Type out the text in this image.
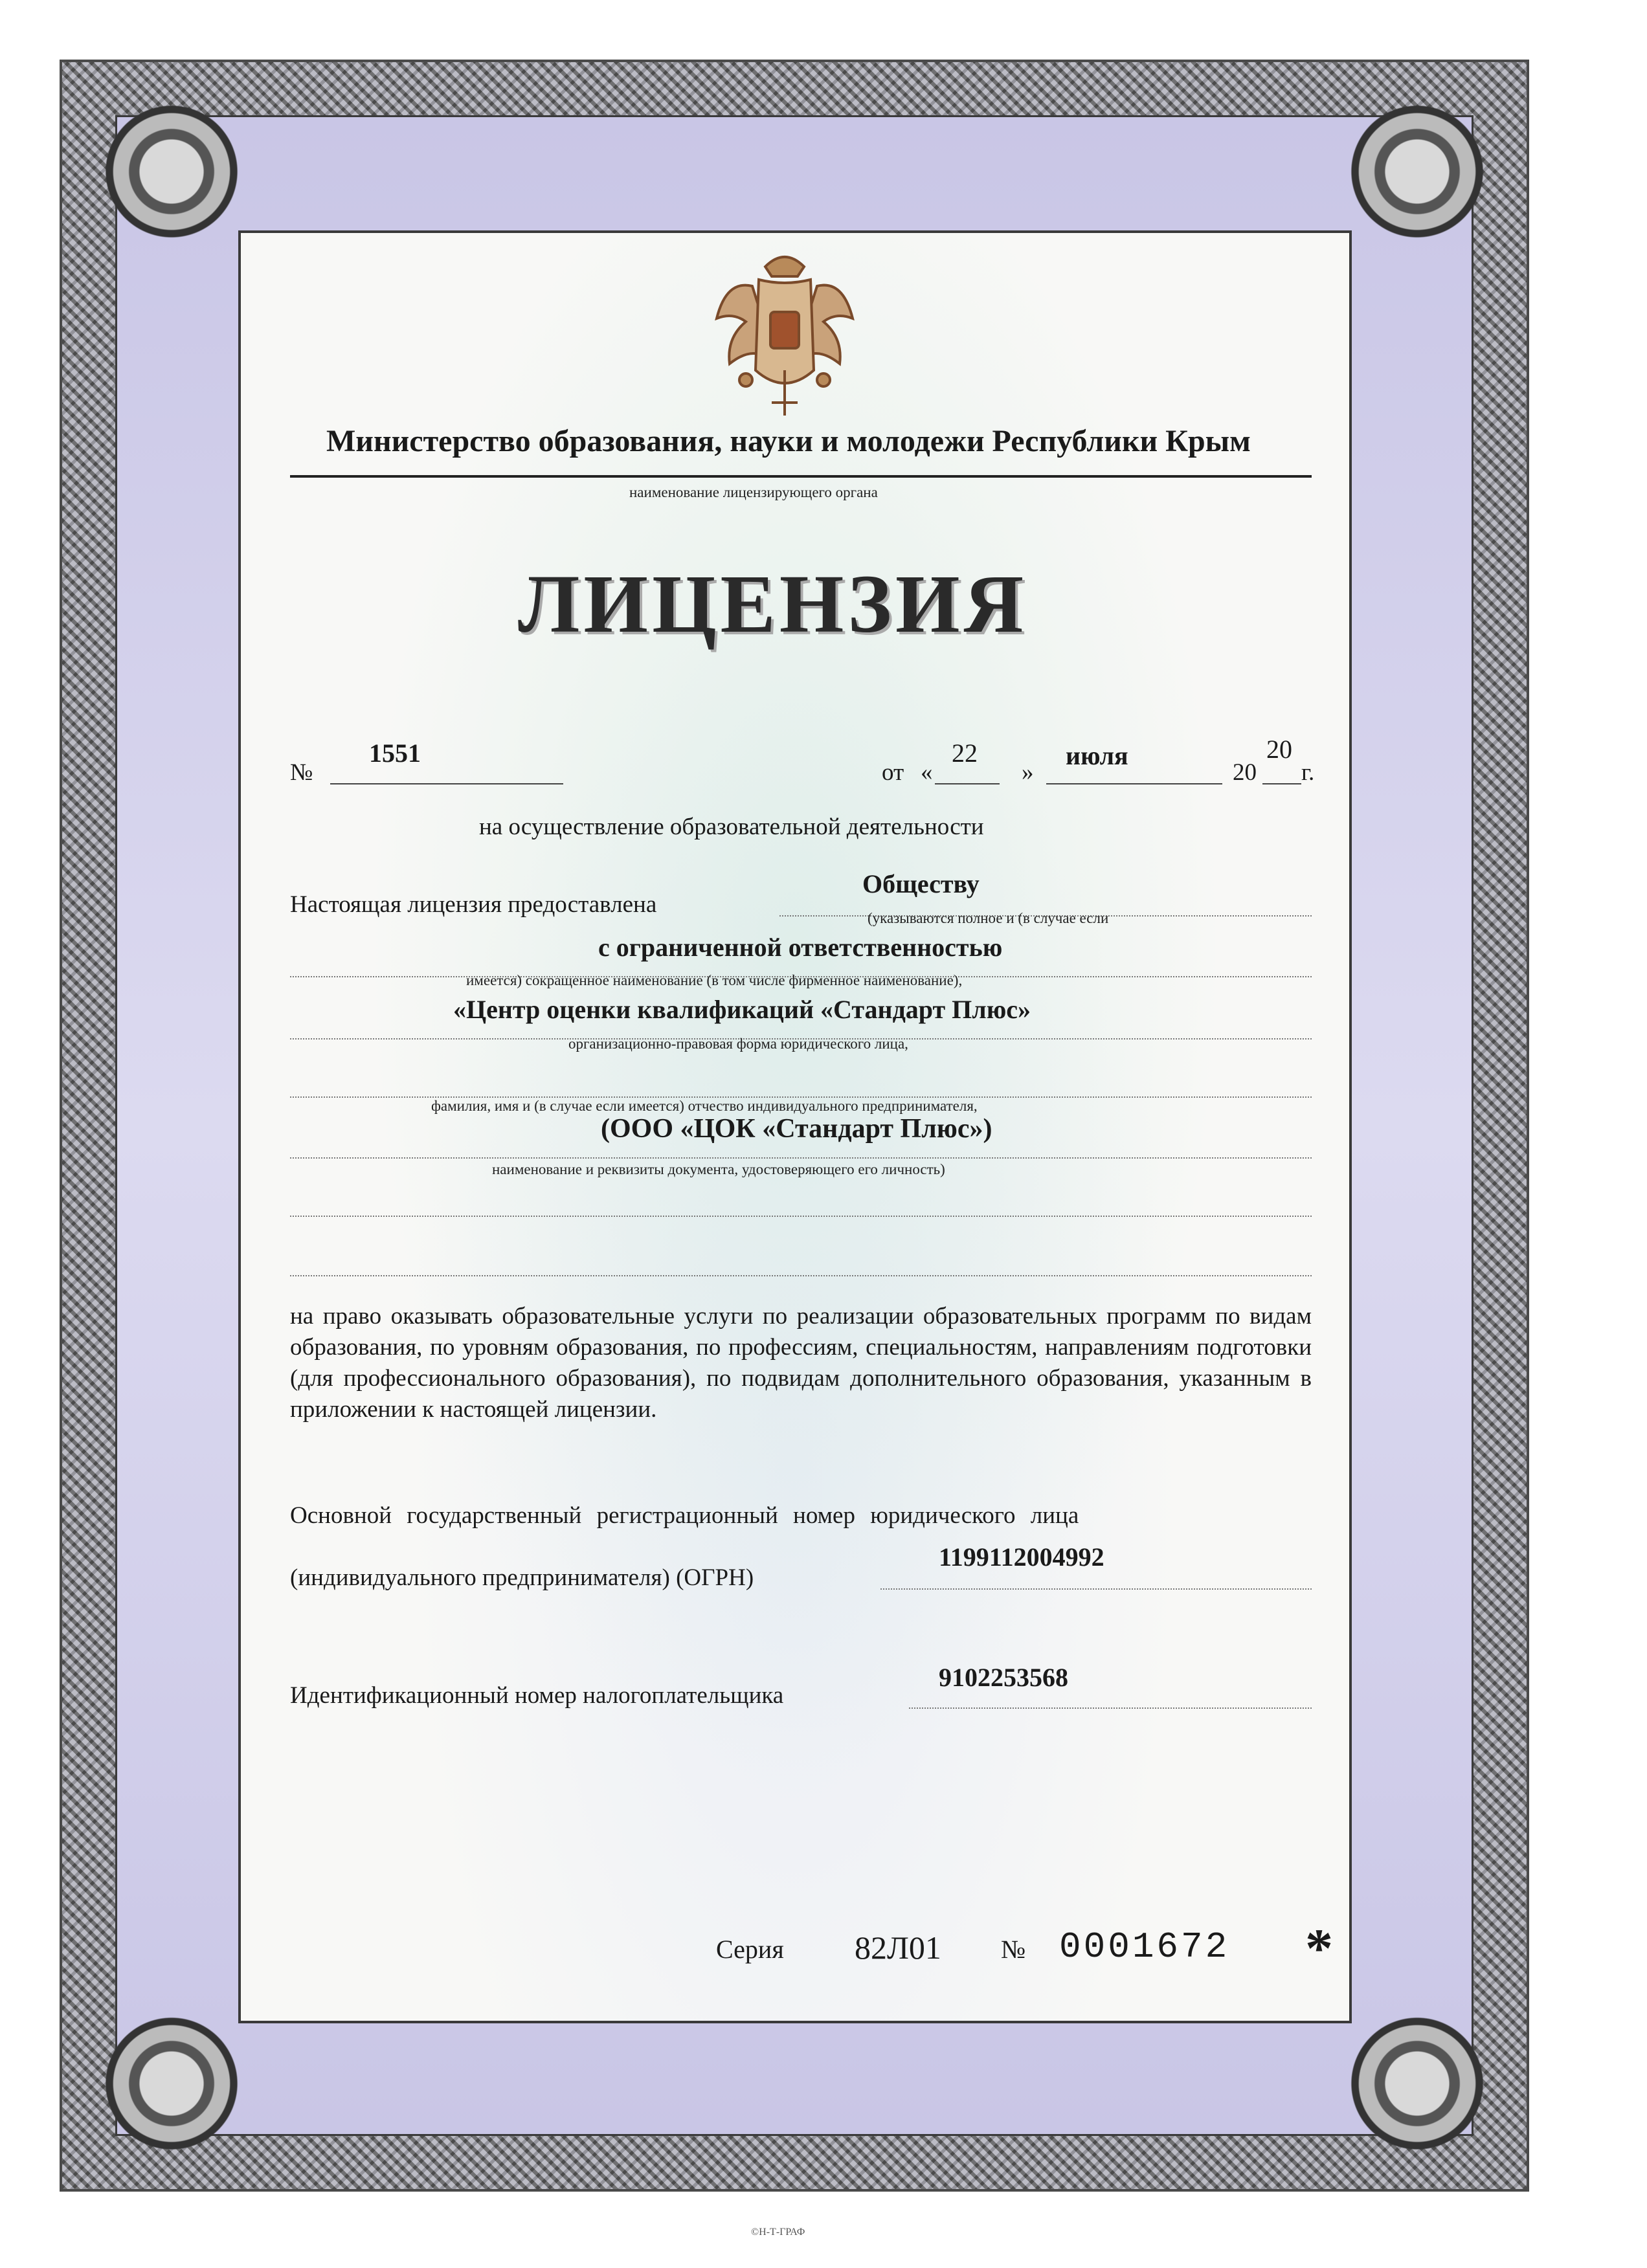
Министерство образования, науки и молодежи Республики Крым
наименование лицензирующего органа
ЛИЦЕНЗИЯ
№
1551
от «
22
»
июля
20
20
г.
на осуществление образовательной деятельности
Настоящая лицензия предоставлена
Обществу
(указываются полное и (в случае если
с ограниченной ответственностью
имеется) сокращенное наименование (в том числе фирменное наименование),
«Центр оценки квалификаций «Стандарт Плюс»
организационно-правовая форма юридического лица,
фамилия, имя и (в случае если имеется) отчество индивидуального предпринимателя,
(ООО «ЦОК «Стандарт Плюс»)
наименование и реквизиты документа, удостоверяющего его личность)
на право оказывать образовательные услуги по реализации образовательных программ по видам образования, по уровням образования, по профессиям, специальностям, направлениям подготовки (для профессионального образования), по подвидам дополнительного образования, указанным в приложении к настоящей лицензии.
Основной государственный регистрационный номер юридического лица
(индивидуального предпринимателя) (ОГРН)
1199112004992
Идентификационный номер налогоплательщика
9102253568
Серия 82Л01 № 0001672 *
©Н-Т-ГРАФ
